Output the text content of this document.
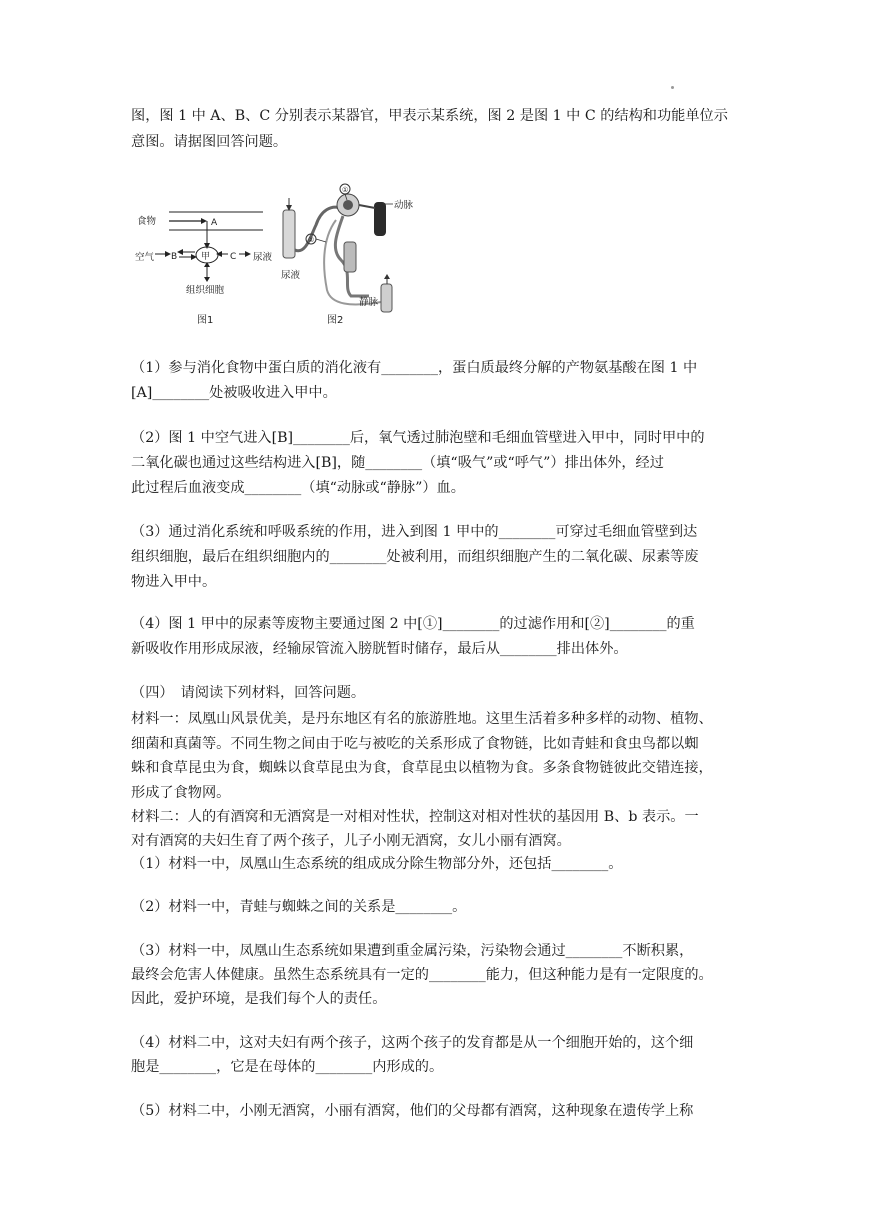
图，图 1 中 A、B、C 分别表示某器官，甲表示某系统，图 2 是图 1 中 C 的结构和功能单位示
意图。请据图回答问题。
食物	A
空气 B	甲 C 尿液
组织细胞
图1
尿液
①
动脉
②
静脉
图2
（1）参与消化食物中蛋白质的消化液有________，蛋白质最终分解的产物氨基酸在图 1 中
[A]________处被吸收进入甲中。
（2）图 1 中空气进入[B]________后，氧气透过肺泡壁和毛细血管壁进入甲中，同时甲中的
二氧化碳也通过这些结构进入[B]，随________（填“吸气”或“呼气”）排出体外，经过
此过程后血液变成________（填“动脉或“静脉”）血。
（3）通过消化系统和呼吸系统的作用，进入到图 1 甲中的________可穿过毛细血管壁到达
组织细胞，最后在组织细胞内的________处被利用，而组织细胞产生的二氧化碳、尿素等废
物进入甲中。
（4）图 1 甲中的尿素等废物主要通过图 2 中[①]________的过滤作用和[②]________的重
新吸收作用形成尿液，经输尿管流入膀胱暂时储存，最后从________排出体外。
（四）　请阅读下列材料，回答问题。
材料一：凤凰山风景优美，是丹东地区有名的旅游胜地。这里生活着多种多样的动物、植物、
细菌和真菌等。不同生物之间由于吃与被吃的关系形成了食物链，比如青蛙和食虫鸟都以蜘
蛛和食草昆虫为食，蜘蛛以食草昆虫为食，食草昆虫以植物为食。多条食物链彼此交错连接，
形成了食物网。
材料二：人的有酒窝和无酒窝是一对相对性状，控制这对相对性状的基因用 B、b 表示。一
对有酒窝的夫妇生育了两个孩子，儿子小刚无酒窝，女儿小丽有酒窝。
（1）材料一中，凤凰山生态系统的组成成分除生物部分外，还包括________。
（2）材料一中，青蛙与蜘蛛之间的关系是________。
（3）材料一中，凤凰山生态系统如果遭到重金属污染，污染物会通过________不断积累，
最终会危害人体健康。虽然生态系统具有一定的________能力，但这种能力是有一定限度的。
因此，爱护环境，是我们每个人的责任。
（4）材料二中，这对夫妇有两个孩子，这两个孩子的发育都是从一个细胞开始的，这个细
胞是________，它是在母体的________内形成的。
（5）材料二中，小刚无酒窝，小丽有酒窝，他们的父母都有酒窝，这种现象在遗传学上称
